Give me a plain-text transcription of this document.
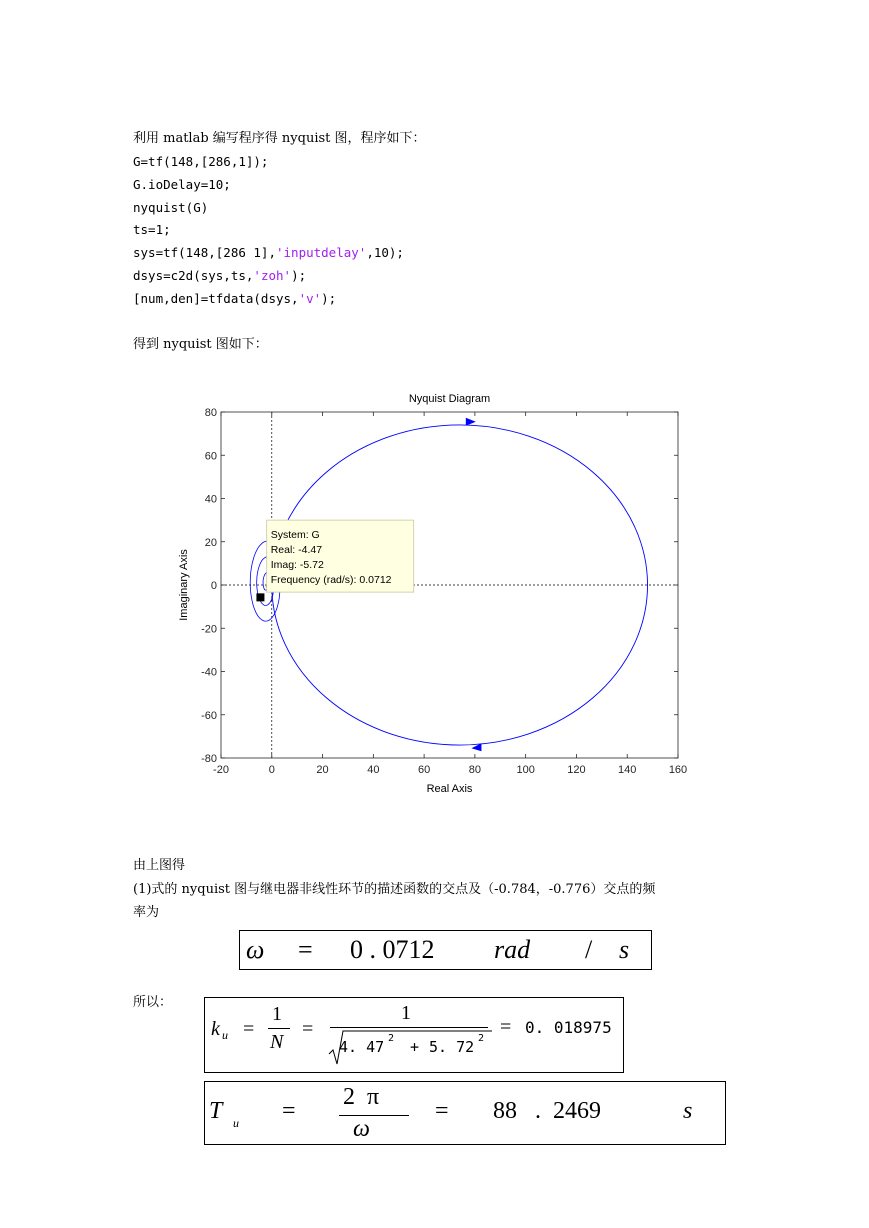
利用 matlab 编写程序得 nyquist 图，程序如下：
G=tf(148,[286,1]);
G.ioDelay=10;
nyquist(G)
ts=1;
sys=tf(148,[286 1],'inputdelay',10);
dsys=c2d(sys,ts,'zoh');
[num,den]=tfdata(dsys,'v');
得到 nyquist 图如下：
-20	0	20	40	60	80	100	120	140	160
80
60
40
20
0
-20
-40
-60
-80
Nyquist Diagram
Real Axis
Imaginary Axis
System: G
Real: -4.47
Imag: -5.72
Frequency (rad/s): 0.0712
由上图得
(1)式的 nyquist 图与继电器非线性环节的描述函数的交点及（-0.784，-0.776）交点的频
率为
ω = 0 . 0712 rad / s
所以：
k u =
1
N
=
1
4. 47 2 + 5. 72 2
= 0. 018975
T u =
2  π
ω
= 88   .  2469	s
